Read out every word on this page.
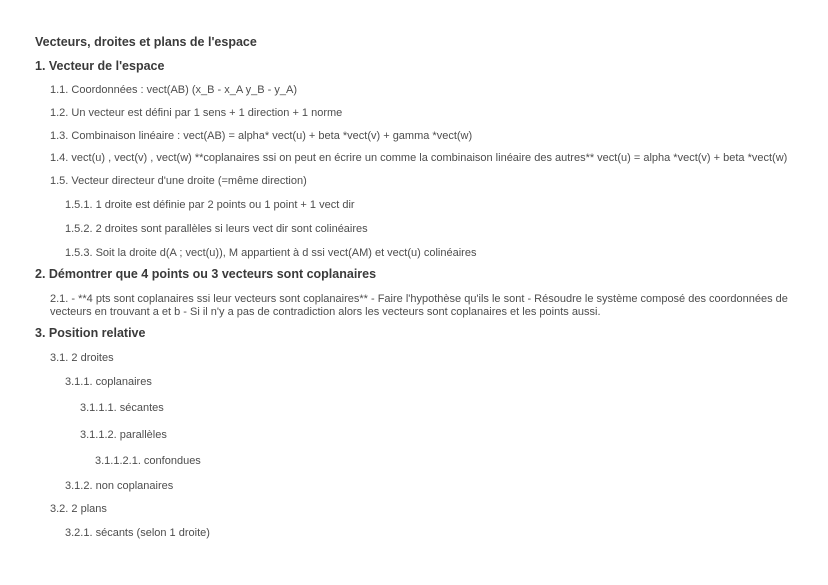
Vecteurs, droites et plans de l'espace
1. Vecteur de l'espace
1.1. Coordonnées : vect(AB) (x_B - x_A y_B - y_A)
1.2. Un vecteur est défini par 1 sens + 1 direction + 1 norme
1.3. Combinaison linéaire : vect(AB) = alpha* vect(u) + beta *vect(v) + gamma *vect(w)
1.4. vect(u) , vect(v) , vect(w) **coplanaires ssi on peut en écrire un comme la combinaison linéaire des autres** vect(u) = alpha *vect(v) + beta *vect(w)
1.5. Vecteur directeur d'une droite (=même direction)
1.5.1. 1 droite est définie par 2 points ou 1 point + 1 vect dir
1.5.2. 2 droites sont parallèles si leurs vect dir sont colinéaires
1.5.3. Soit la droite d(A ; vect(u)), M appartient à d ssi vect(AM) et vect(u) colinéaires
2. Démontrer que 4 points ou 3 vecteurs sont coplanaires
2.1. - **4 pts sont coplanaires ssi leur vecteurs sont coplanaires** - Faire l'hypothèse qu'ils le sont - Résoudre le système composé des coordonnées de vecteurs en trouvant a et b - Si il n'y a pas de contradiction alors les vecteurs sont coplanaires et les points aussi.
3. Position relative
3.1. 2 droites
3.1.1. coplanaires
3.1.1.1. sécantes
3.1.1.2. parallèles
3.1.1.2.1. confondues
3.1.2. non coplanaires
3.2. 2 plans
3.2.1. sécants (selon 1 droite)
